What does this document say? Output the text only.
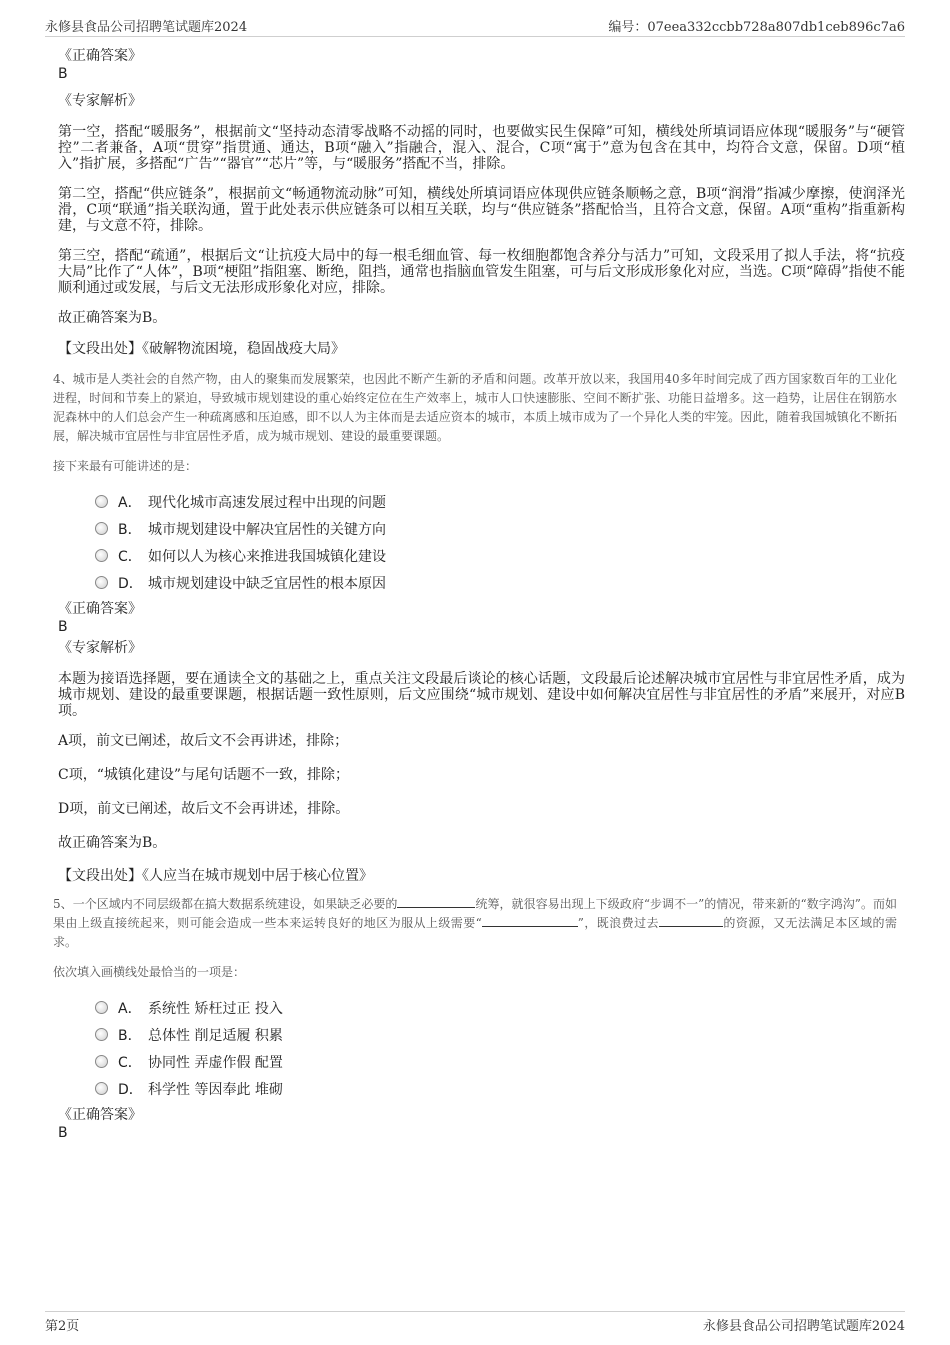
永修县食品公司招聘笔试题库2024	编号：07eea332ccbb728a807db1ceb896c7a6
《正确答案》
B
《专家解析》

第一空，搭配“暖服务”，根据前文“坚持动态清零战略不动摇的同时，也要做实民生保障”可知，横线处所填词语应体现“暖服务”与“硬管控”二者兼备，A项“贯穿”指贯通、通达，B项“融入”指融合，混入、混合，C项“寓于”意为包含在其中，均符合文意，保留。D项“植入”指扩展，多搭配“广告”“器官”“芯片”等，与“暖服务”搭配不当，排除。

第二空，搭配“供应链条”，根据前文“畅通物流动脉”可知，横线处所填词语应体现供应链条顺畅之意，B项“润滑”指减少摩擦，使润泽光滑，C项“联通”指关联沟通，置于此处表示供应链条可以相互关联，均与“供应链条”搭配恰当，且符合文意，保留。A项“重构”指重新构建，与文意不符，排除。

第三空，搭配“疏通”，根据后文“让抗疫大局中的每一根毛细血管、每一枚细胞都饱含养分与活力”可知，文段采用了拟人手法，将“抗疫大局”比作了“人体”，B项“梗阻”指阻塞、断绝，阻挡，通常也指脑血管发生阻塞，可与后文形成形象化对应，当选。C项“障碍”指使不能顺利通过或发展，与后文无法形成形象化对应，排除。

故正确答案为B。

【文段出处】《破解物流困境，稳固战疫大局》

4、城市是人类社会的自然产物，由人的聚集而发展繁荣，也因此不断产生新的矛盾和问题。改革开放以来，我国用40多年时间完成了西方国家数百年的工业化进程，时间和节奏上的紧迫，导致城市规划建设的重心始终定位在生产效率上，城市人口快速膨胀、空间不断扩张、功能日益增多。这一趋势，让居住在钢筋水泥森林中的人们总会产生一种疏离感和压迫感，即不以人为主体而是去适应资本的城市，本质上城市成为了一个异化人类的牢笼。因此，随着我国城镇化不断拓展，解决城市宜居性与非宜居性矛盾，成为城市规划、建设的最重要课题。

接下来最有可能讲述的是：
A． 现代化城市高速发展过程中出现的问题
B． 城市规划建设中解决宜居性的关键方向
C． 如何以人为核心来推进我国城镇化建设
D． 城市规划建设中缺乏宜居性的根本原因
《正确答案》
B
《专家解析》

本题为接语选择题，要在通读全文的基础之上，重点关注文段最后谈论的核心话题，文段最后论述解决城市宜居性与非宜居性矛盾，成为城市规划、建设的最重要课题，根据话题一致性原则，后文应围绕“城市规划、建设中如何解决宜居性与非宜居性的矛盾”来展开，对应B项。

A项，前文已阐述，故后文不会再讲述，排除；

C项，“城镇化建设”与尾句话题不一致，排除；

D项，前文已阐述，故后文不会再讲述，排除。

故正确答案为B。

【文段出处】《人应当在城市规划中居于核心位置》

5、一个区域内不同层级都在搞大数据系统建设，如果缺乏必要的	统筹，就很容易出现上下级政府“步调不一”的情况，带来新的“数字鸿沟”。而如果由上级直接统起来，则可能会造成一些本来运转良好的地区为服从上级需要“	”，既浪费过去	的资源，又无法满足本区域的需求。

依次填入画横线处最恰当的一项是：
A． 系统性 矫枉过正 投入
B． 总体性 削足适履 积累
C． 协同性 弄虚作假 配置
D． 科学性 等因奉此 堆砌
《正确答案》
B
第2页	永修县食品公司招聘笔试题库2024
